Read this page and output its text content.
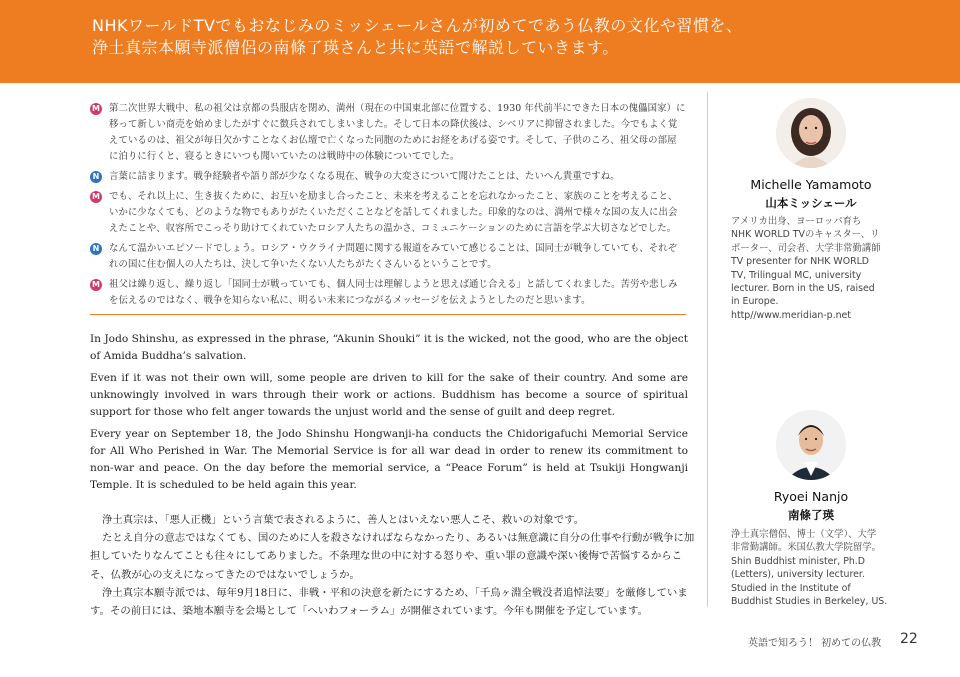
NHKワールドTVでもおなじみのミッシェールさんが初めてであう仏教の文化や習慣を、
浄土真宗本願寺派僧侶の南條了瑛さんと共に英語で解説していきます。
M 第二次世界大戦中、私の祖父は京都の呉服店を閉め、満州（現在の中国東北部に位置する、1930 年代前半にできた日本の傀儡国家）に移って新しい商売を始めましたがすぐに徴兵されてしまいました。そして日本の降伏後は、シベリアに抑留されました。今でもよく覚えているのは、祖父が毎日欠かすことなくお仏壇で亡くなった同胞のためにお経をあげる姿です。そして、子供のころ、祖父母の部屋に泊りに行くと、寝るときにいつも聞いていたのは戦時中の体験についてでした。
N 言葉に詰まります。戦争経験者や語り部が少なくなる現在、戦争の大変さについて聞けたことは、たいへん貴重ですね。
M でも、それ以上に、生き抜くために、お互いを励まし合ったこと、未来を考えることを忘れなかったこと、家族のことを考えること、いかに少なくても、どのような物でもありがたくいただくことなどを話してくれました。印象的なのは、満州で様々な国の友人に出会えたことや、収容所でこっそり助けてくれていたロシア人たちの温かさ、コミュニケーションのために言語を学ぶ大切さなどでした。
N なんて温かいエピソードでしょう。ロシア・ウクライナ問題に関する報道をみていて感じることは、国同士が戦争していても、それぞれの国に住む個人の人たちは、決して争いたくない人たちがたくさんいるということです。
M 祖父は繰り返し、繰り返し「国同士が戦っていても、個人同士は理解しようと思えば通じ合える」と話してくれました。苦労や悲しみを伝えるのではなく、戦争を知らない私に、明るい未来につながるメッセージを伝えようとしたのだと思います。

In Jodo Shinshu, as expressed in the phrase, “Akunin Shouki” it is the wicked, not the good, who are the object of Amida Buddha’s salvation.

Even if it was not their own will, some people are driven to kill for the sake of their country. And some are unknowingly involved in wars through their work or actions. Buddhism has become a source of spiritual support for those who felt anger towards the unjust world and the sense of guilt and deep regret.

Every year on September 18, the Jodo Shinshu Hongwanji-ha conducts the Chidorigafuchi Memorial Service for All Who Perished in War. The Memorial Service is for all war dead in order to renew its commitment to non-war and peace. On the day before the memorial service, a “Peace Forum” is held at Tsukiji Hongwanji Temple. It is scheduled to be held again this year.

浄土真宗は、「悪人正機」という言葉で表されるように、善人とはいえない悪人こそ、救いの対象です。

たとえ自分の意志ではなくても、国のために人を殺さなければならなかったり、あるいは無意識に自分の仕事や行動が戦争に加担していたりなんてことも往々にしてありました。不条理な世の中に対する怒りや、重い罪の意識や深い後悔で苦悩するからこそ、仏教が心の支えになってきたのではないでしょうか。

浄土真宗本願寺派では、毎年9月18日に、非戦・平和の決意を新たにするため、「千鳥ヶ淵全戦没者追悼法要」を厳修しています。その前日には、築地本願寺を会場として「へいわフォーラム」が開催されています。今年も開催を予定しています。

Michelle Yamamoto
山本ミッシェール
アメリカ出身、ヨーロッパ育ち
NHK WORLD TVのキャスター、リ
ポーター、司会者、大学非常勤講師
TV presenter for NHK WORLD
TV, Trilingual MC, university
lecturer. Born in the US, raised
in Europe.
http//www.meridian-p.net
Ryoei Nanjo
南條了瑛
浄土真宗僧侶、博士（文学）、大学
非常勤講師。米国仏教大学院留学。
Shin Buddhist minister, Ph.D
(Letters), university lecturer.
Studied in the Institute of
Buddhist Studies in Berkeley, US.
英語で知ろう！ 初めての仏教 22
